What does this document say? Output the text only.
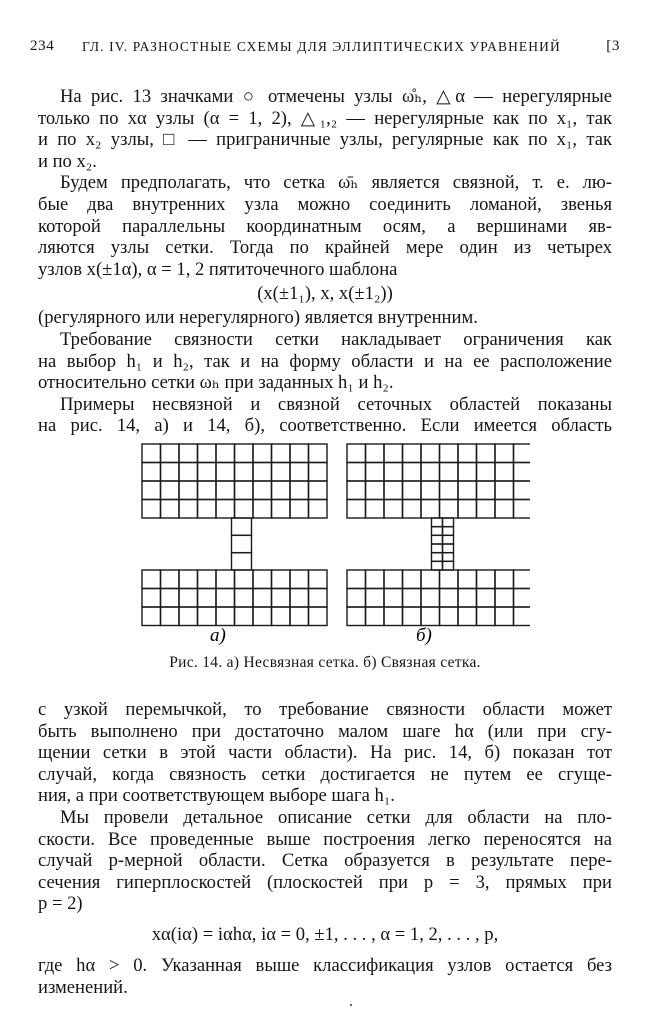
234 ГЛ. IV. РАЗНОСТНЫЕ СХЕМЫ ДЛЯ ЭЛЛИПТИЧЕСКИХ УРАВНЕНИЙ	[3
На рис. 13 значками ○ отмечены узлы ω̊ₕ, △α — нерегулярные
только по xα узлы (α = 1, 2), △₁,₂ — нерегулярные как по x₁, так
и по x₂ узлы, □ — приграничные узлы, регулярные как по x₁, так
и по x₂.
Будем предполагать, что сетка ω̄ₕ является связной, т. е. лю-
бые два внутренних узла можно соединить ломаной, звенья
которой параллельны координатным осям, а вершинами яв-
ляются узлы сетки. Тогда по крайней мере один из четырех
узлов x(±1α), α = 1, 2 пятиточечного шаблона
(x(±1₁), x, x(±1₂))
(регулярного или нерегулярного) является внутренним.
Требование связности сетки накладывает ограничения как
на выбор h₁ и h₂, так и на форму области и на ее расположение
относительно сетки ωₕ при заданных h₁ и h₂.
Примеры несвязной и связной сеточных областей показаны
на рис. 14, а) и 14, б), соответственно. Если имеется область
а)	б)
Рис. 14. а) Несвязная сетка. б) Связная сетка.
с узкой перемычкой, то требование связности области может
быть выполнено при достаточно малом шаге hα (или при сгу-
щении сетки в этой части области). На рис. 14, б) показан тот
случай, когда связность сетки достигается не путем ее сгуще-
ния, а при соответствующем выборе шага h₁.
Мы провели детальное описание сетки для области на пло-
скости. Все проведенные выше построения легко переносятся на
случай p-мерной области. Сетка образуется в результате пере-
сечения гиперплоскостей (плоскостей при p = 3, прямых при
p = 2)
xα(iα) = iαhα, iα = 0, ±1, . . . , α = 1, 2, . . . , p,
где hα > 0. Указанная выше классификация узлов остается без
изменений.
